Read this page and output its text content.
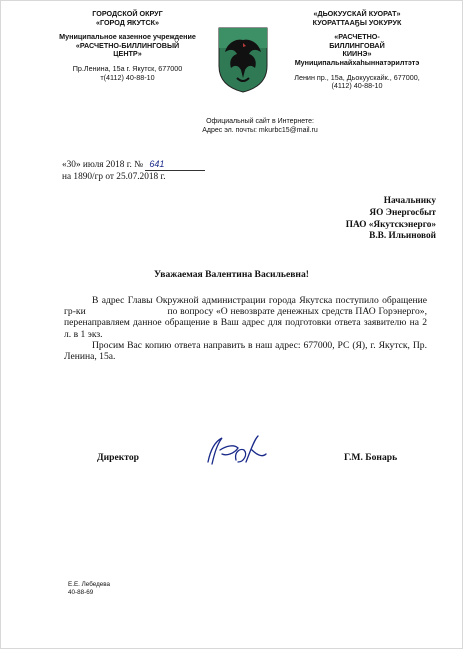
ГОРОДСКОЙ ОКРУГ
«ГОРОД ЯКУТСК»
Муниципальное казенное учреждение
«РАСЧЕТНО-БИЛЛИНГОВЫЙ
ЦЕНТР»
Пр.Ленина, 15а г. Якутск, 677000
т(4112) 40-88-10
«ДЬОКУУСКАЙ КУОРАТ»
КУОРАТТААҔЫ УОКУРУК
«РАСЧЕТНО-
БИЛЛИНГОВАЙ
КИИНЭ»
Муниципальнайхаһыннатэрилтэтэ
Ленин пр., 15а, Дьокуускайк., 677000,
(4112) 40-88-10
Официальный сайт в Интернете:
Адрес эл. почты: mkurbc15@mail.ru
«30» июля 2018 г. № 641
на 1890/гр от 25.07.2018 г.
Начальнику
ЯО Энергосбыт
ПАО «Якутскэнерго»
В.В. Ильиновой
Уважаемая Валентина Васильевна!

В адрес Главы Окружной администрации города Якутска поступило обращение гр-ки                              по вопросу «О невозврате денежных средств ПАО Горэнерго», перенаправляем данное обращение в Ваш адрес для подготовки ответа заявителю на 2 л. в 1 экз.

Просим Вас копию ответа направить в наш адрес: 677000, РС (Я), г. Якутск, Пр. Ленина, 15а.

Директор	Г.М. Бонарь
Е.Е. Лебедева
40-88-69
